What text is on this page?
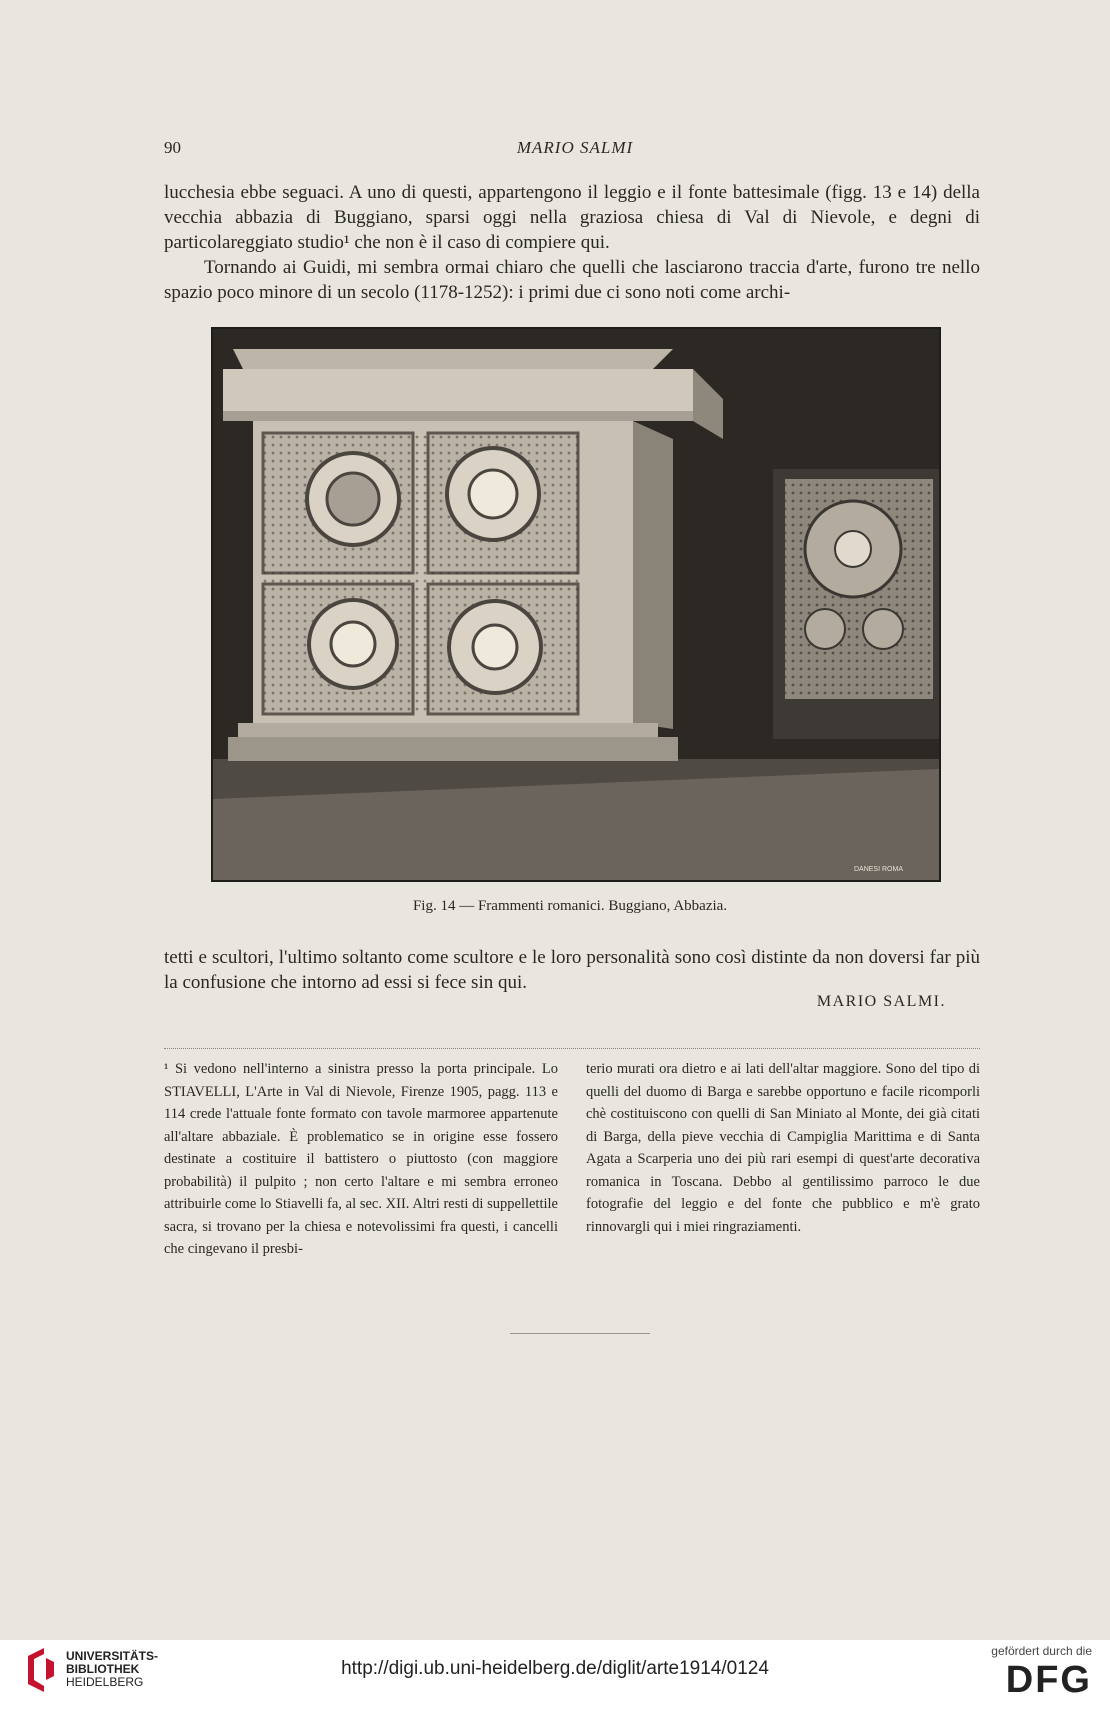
90	MARIO SALMI

lucchesia ebbe seguaci. A uno di questi, appartengono il leggio e il fonte battesimale (figg. 13 e 14) della vecchia abbazia di Buggiano, sparsi oggi nella graziosa chiesa di Val di Nievole, e degni di particolareggiato studio¹ che non è il caso di compiere qui.

Tornando ai Guidi, mi sembra ormai chiaro che quelli che lasciarono traccia d'arte, furono tre nello spazio poco minore di un secolo (1178-1252): i primi due ci sono noti come archi-

DANESI ROMA
Fig. 14 — Frammenti romanici. Buggiano, Abbazia.

tetti e scultori, l'ultimo soltanto come scultore e le loro personalità sono così distinte da non doversi far più la confusione che intorno ad essi si fece sin qui.

MARIO SALMI.

¹ Si vedono nell'interno a sinistra presso la porta principale. Lo STIAVELLI, L'Arte in Val di Nievole, Firenze 1905, pagg. 113 e 114 crede l'attuale fonte formato con tavole marmoree appartenute all'altare abbaziale. È problematico se in origine esse fossero destinate a costituire il battistero o piuttosto (con maggiore probabilità) il pulpito ; non certo l'altare e mi sembra erroneo attribuirle come lo Stiavelli fa, al sec. XII. Altri resti di suppellettile sacra, si trovano per la chiesa e notevolissimi fra questi, i cancelli che cingevano il presbi-

terio murati ora dietro e ai lati dell'altar maggiore. Sono del tipo di quelli del duomo di Barga e sarebbe opportuno e facile ricomporli chè costituiscono con quelli di San Miniato al Monte, dei già citati di Barga, della pieve vecchia di Campiglia Marittima e di Santa Agata a Scarperia uno dei più rari esempi di quest'arte decorativa romanica in Toscana. Debbo al gentilissimo parroco le due fotografie del leggio e del fonte che pubblico e m'è grato rinnovargli qui i miei ringraziamenti.

UNIVERSITÄTS-
BIBLIOTHEK
HEIDELBERG
http://digi.ub.uni-heidelberg.de/diglit/arte1914/0124
gefördert durch die
DFG
